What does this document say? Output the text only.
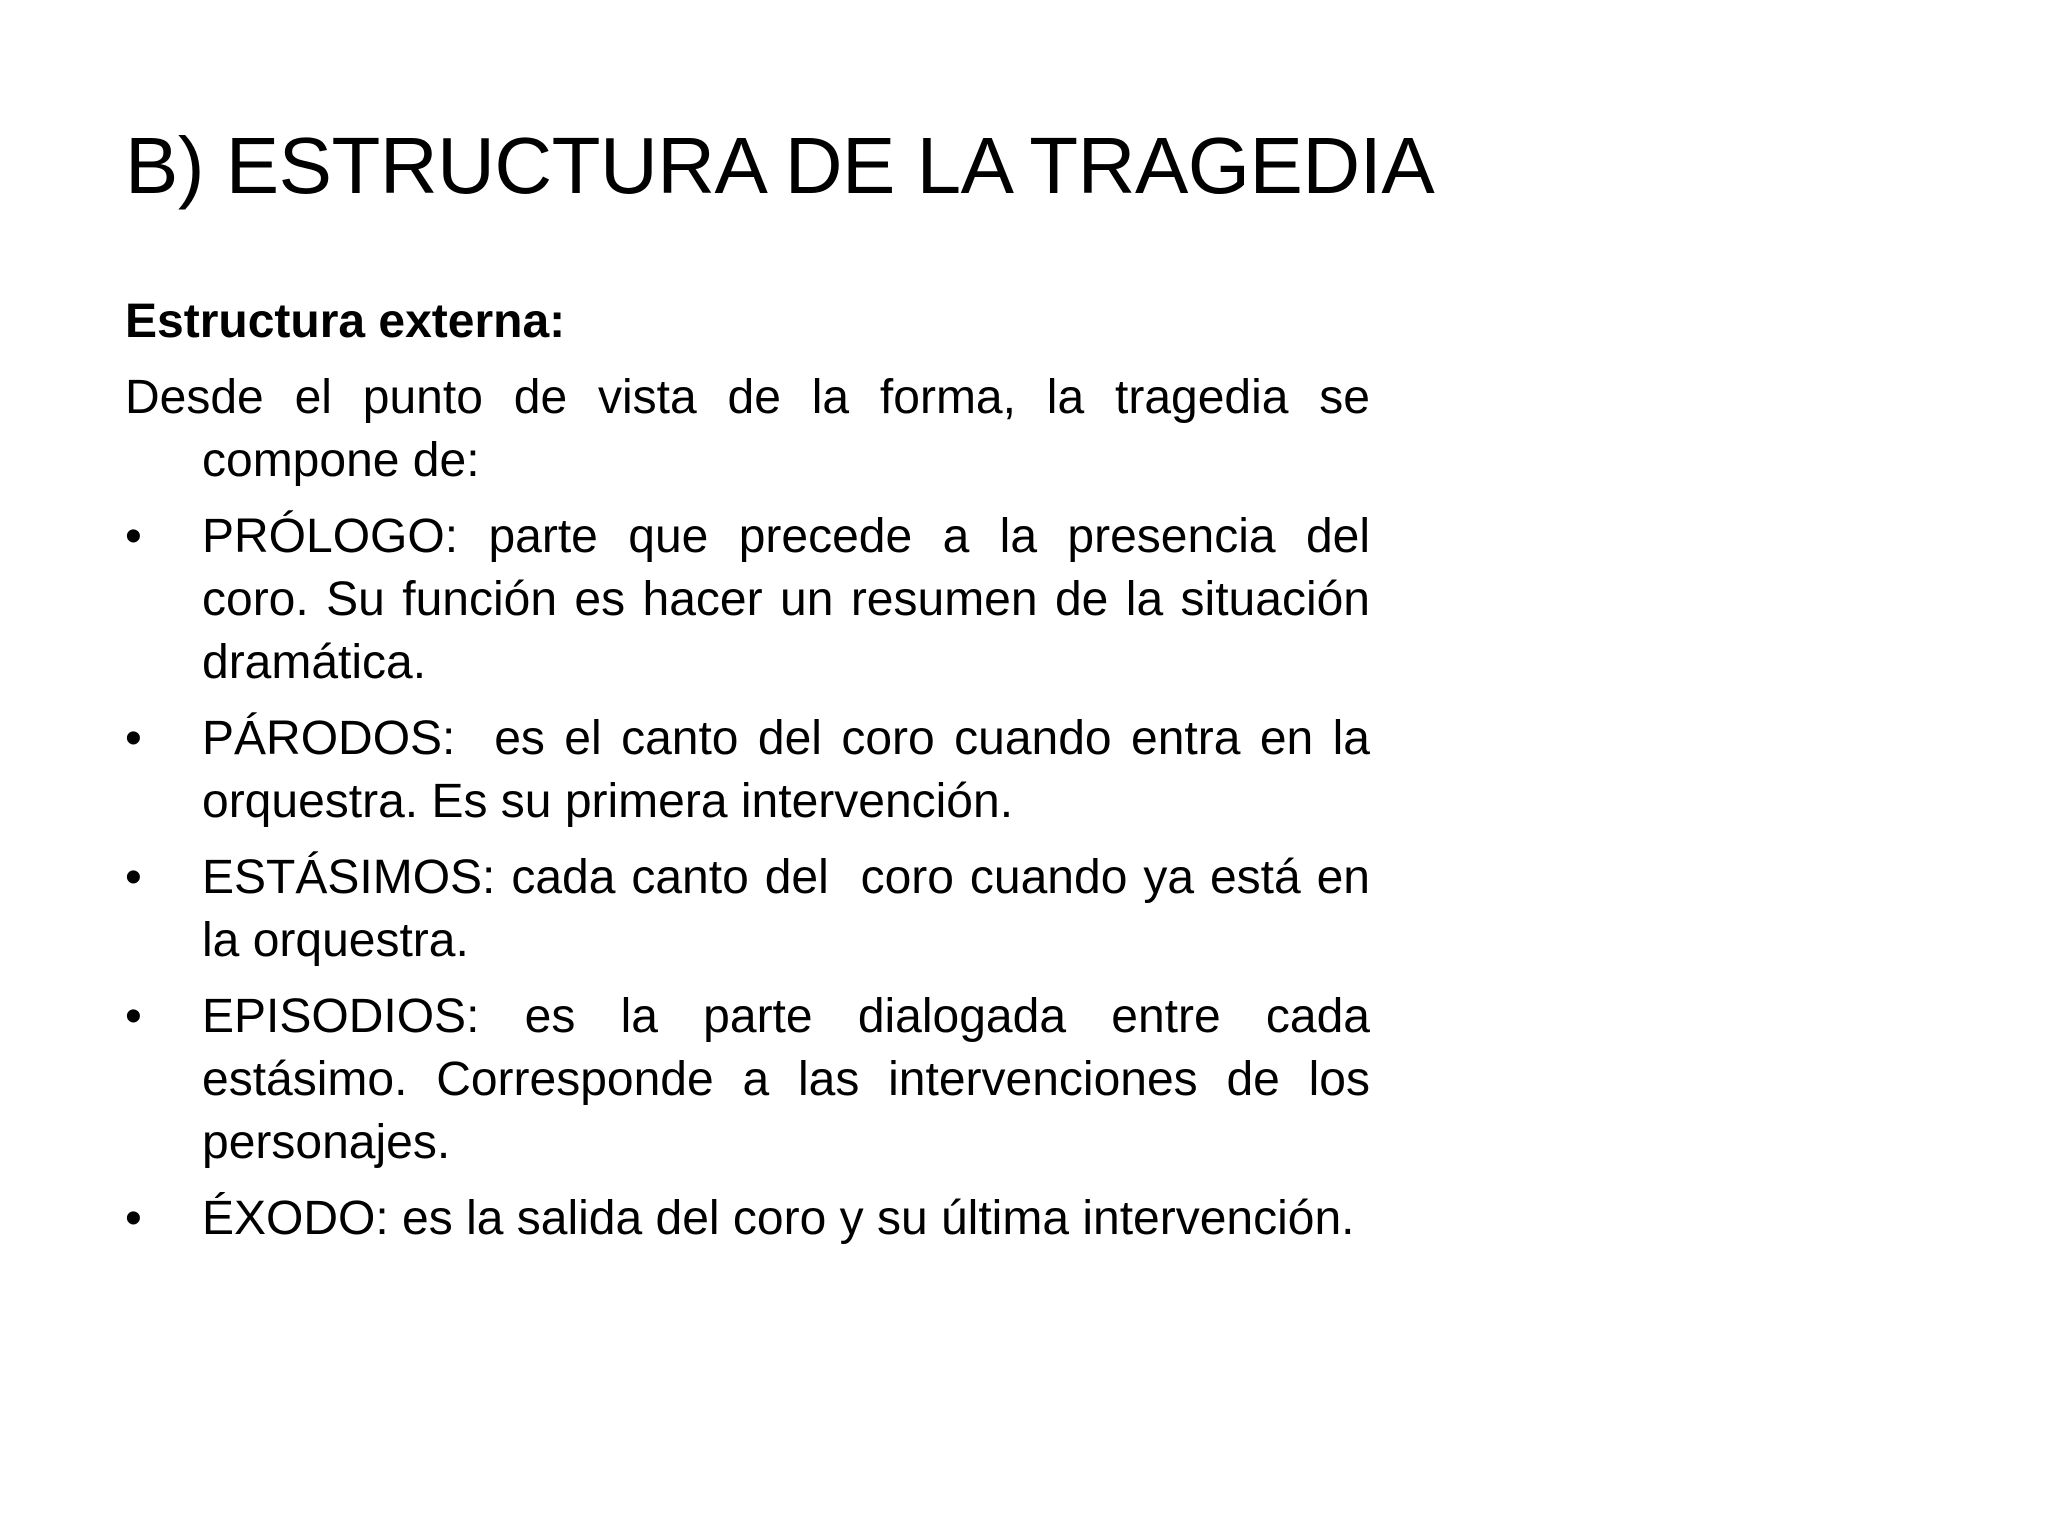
B) ESTRUCTURA DE LA TRAGEDIA

Estructura externa:

Desde el punto de vista de la forma, la tragedia se compone de:

• PRÓLOGO: parte que precede a la presencia del coro. Su función es hacer un resumen de la situación dramática.
• PÁRODOS:  es el canto del coro cuando entra en la orquestra. Es su primera intervención.
• ESTÁSIMOS: cada canto del  coro cuando ya está en la orquestra.
• EPISODIOS: es la parte dialogada entre cada estásimo. Corresponde a las intervenciones de los personajes.
• ÉXODO: es la salida del coro y su última intervención.
